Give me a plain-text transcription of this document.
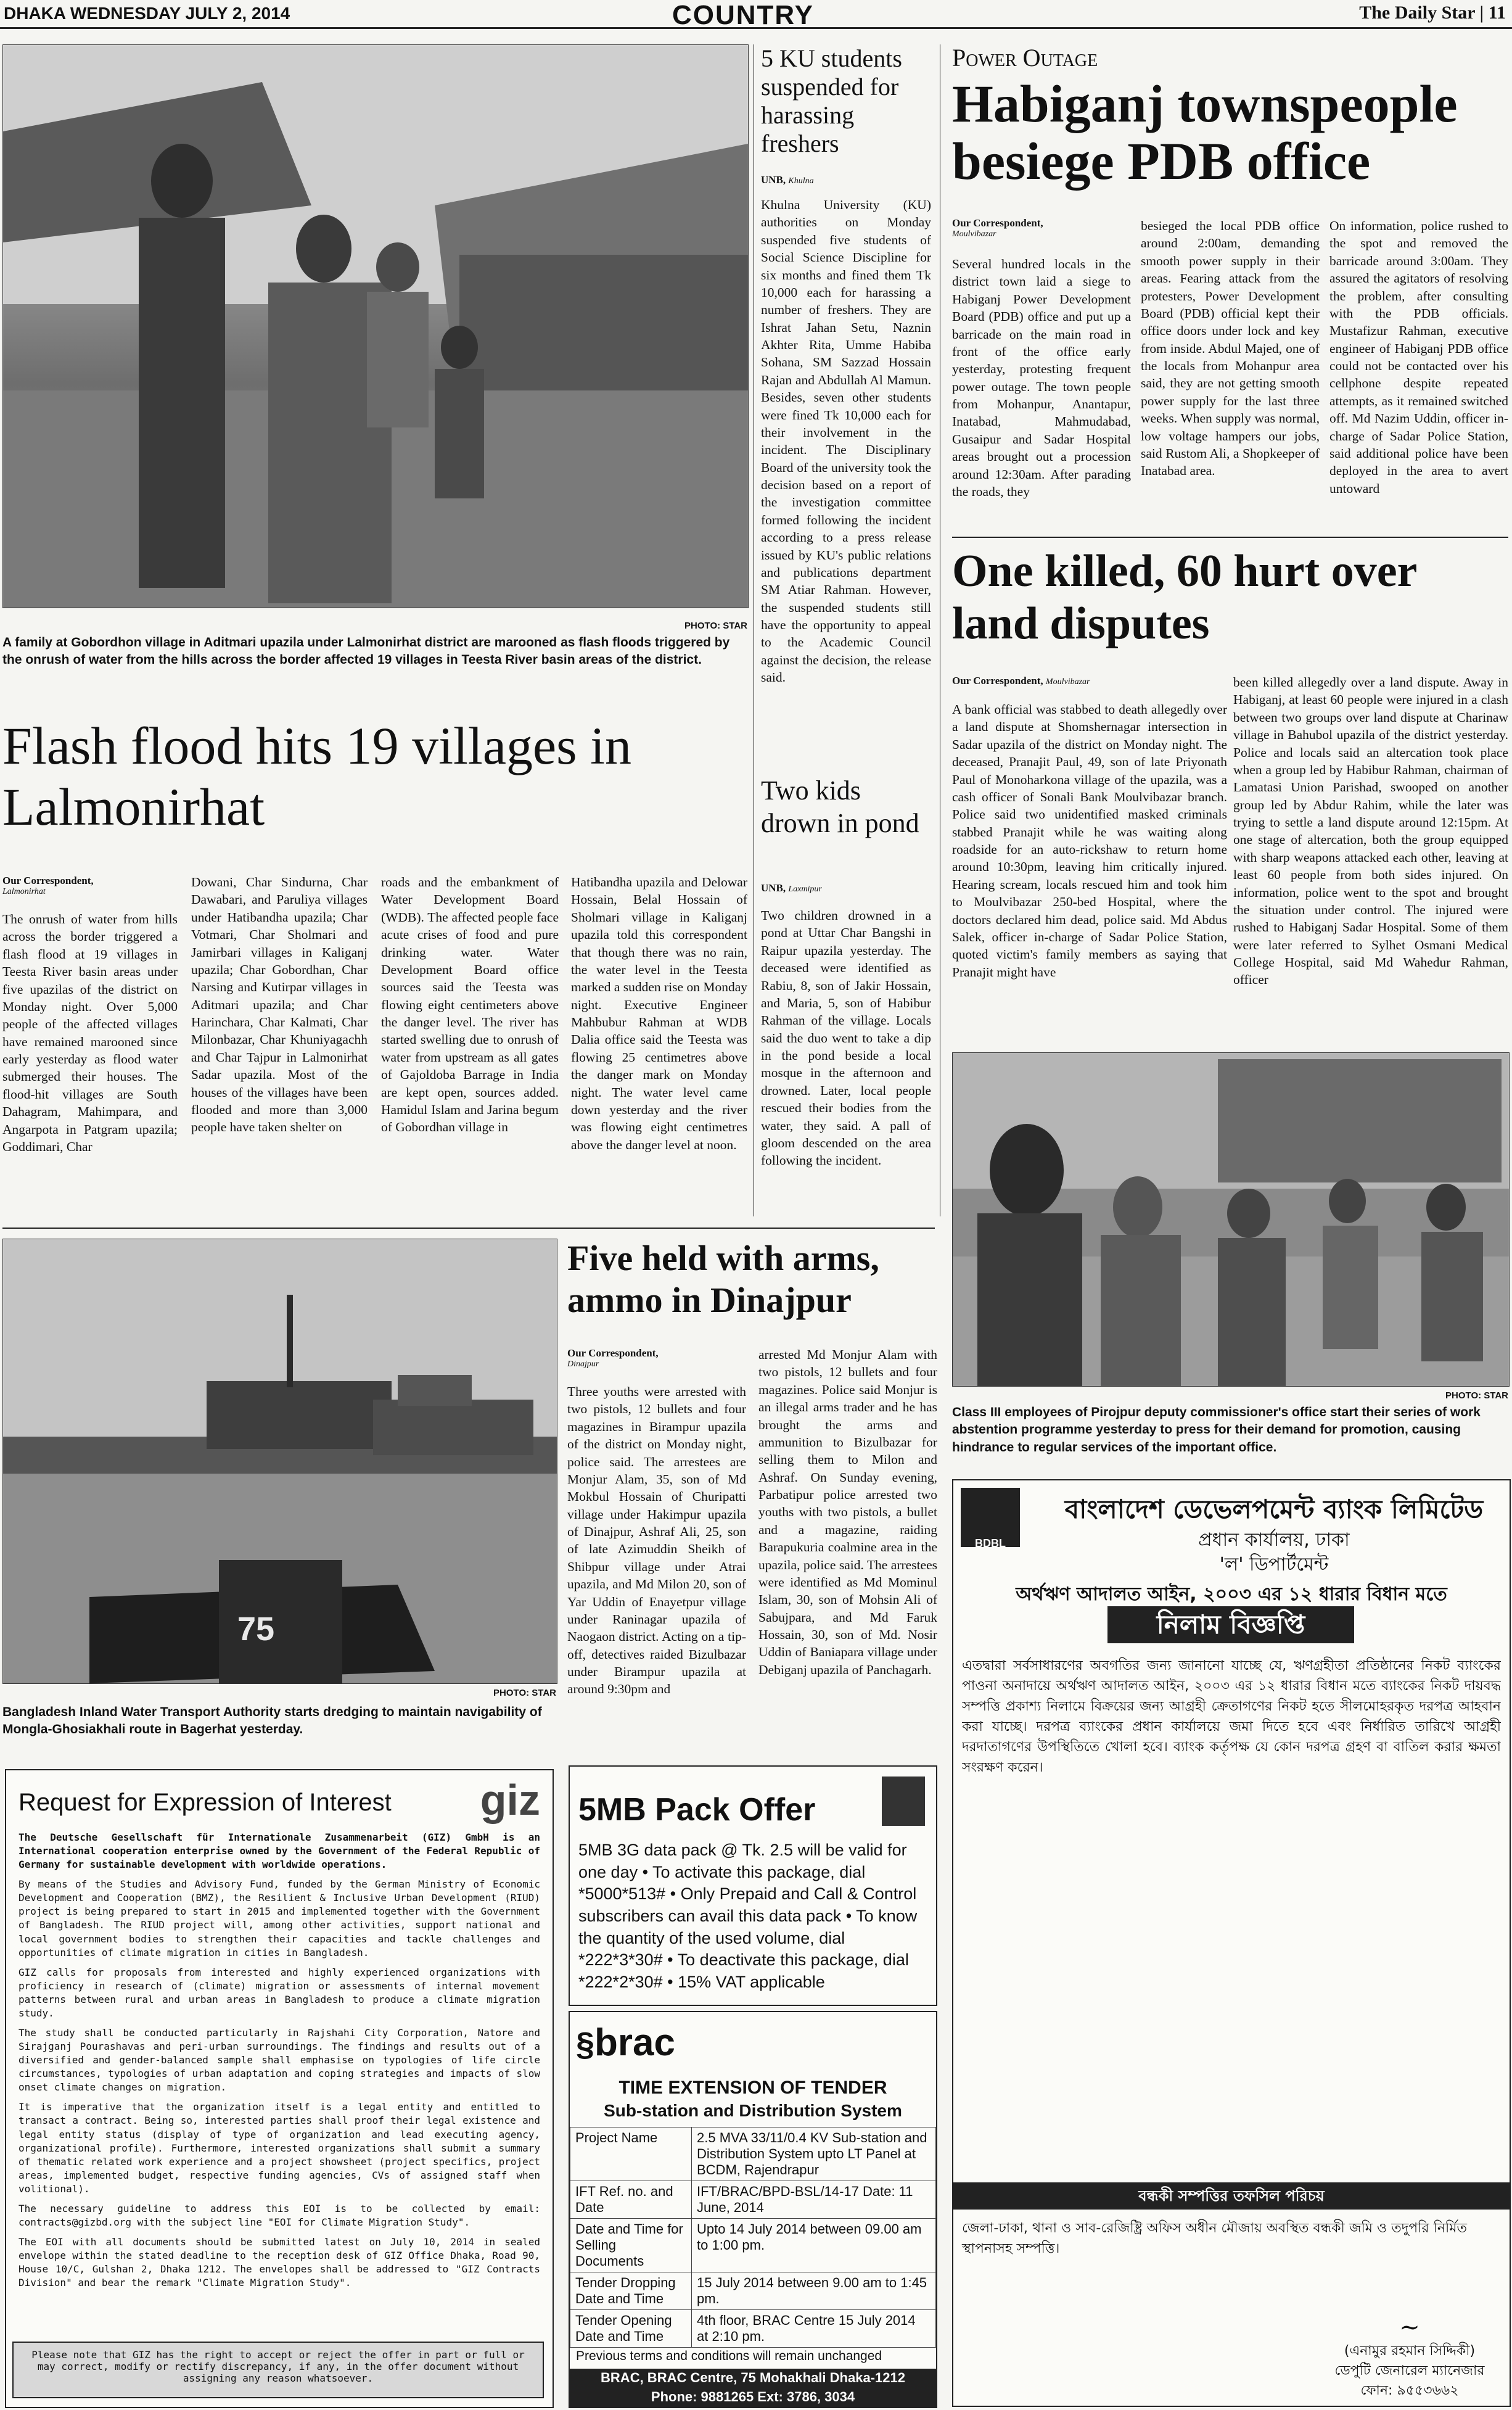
DHAKA WEDNESDAY JULY 2, 2014	COUNTRY	The Daily Star | 11
PHOTO: STAR
A family at Gobordhon village in Aditmari upazila under Lalmonirhat district are marooned as flash floods triggered by the onrush of water from the hills across the border affected 19 villages in Teesta River basin areas of the district.
Flash flood hits 19 villages in Lalmonirhat
Our Correspondent,
Lalmonirhat
The onrush of water from hills across the border triggered a flash flood at 19 villages in Teesta River basin areas under five upazilas of the district on Monday night. Over 5,000 people of the affected villages have remained marooned since early yesterday as flood water submerged their houses. The flood-hit villages are South Dahagram, Mahimpara, and Angarpota in Patgram upazila; Goddimari, Char
Dowani, Char Sindurna, Char Dawabari, and Paruliya villages under Hatibandha upazila; Char Votmari, Char Sholmari and Jamirbari villages in Kaliganj upazila; Char Gobordhan, Char Narsing and Kutirpar villages in Aditmari upazila; and Char Harinchara, Char Kalmati, Char Milonbazar, Char Khuniyagachh and Char Tajpur in Lalmonirhat Sadar upazila. Most of the houses of the villages have been flooded and more than 3,000 people have taken shelter on
roads and the embankment of Water Development Board (WDB). The affected people face acute crises of food and pure drinking water. Water Development Board office sources said the Teesta was flowing eight centimeters above the danger level. The river has started swelling due to onrush of water from upstream as all gates of Gajoldoba Barrage in India are kept open, sources added. Hamidul Islam and Jarina begum of Gobordhan village in
Hatibandha upazila and Delowar Hossain, Belal Hossain of Sholmari village in Kaliganj upazila told this correspondent that though there was no rain, the water level in the Teesta marked a sudden rise on Monday night. Executive Engineer Mahbubur Rahman at WDB Dalia office said the Teesta was flowing 25 centimetres above the danger mark on Monday night. The water level came down yesterday and the river was flowing eight centimetres above the danger level at noon.
5 KU students suspended for harassing freshers
UNB, Khulna
Khulna University (KU) authorities on Monday suspended five students of Social Science Discipline for six months and fined them Tk 10,000 each for harassing a number of freshers. They are Ishrat Jahan Setu, Naznin Akhter Rita, Umme Habiba Sohana, SM Sazzad Hossain Rajan and Abdullah Al Mamun. Besides, seven other students were fined Tk 10,000 each for their involvement in the incident. The Disciplinary Board of the university took the decision based on a report of the investigation committee formed following the incident according to a press release issued by KU's public relations and publications department SM Atiar Rahman. However, the suspended students still have the opportunity to appeal to the Academic Council against the decision, the release said.
Two kids drown in pond
UNB, Laxmipur
Two children drowned in a pond at Uttar Char Bangshi in Raipur upazila yesterday. The deceased were identified as Rabiu, 8, son of Jakir Hossain, and Maria, 5, son of Habibur Rahman of the village. Locals said the duo went to take a dip in the pond beside a local mosque in the afternoon and drowned. Later, local people rescued their bodies from the water, they said. A pall of gloom descended on the area following the incident.
Power Outage
Habiganj townspeople besiege PDB office
Our Correspondent,
Moulvibazar
Several hundred locals in the district town laid a siege to Habiganj Power Development Board (PDB) office and put up a barricade on the main road in front of the office early yesterday, protesting frequent power outage. The town people from Mohanpur, Anantapur, Inatabad, Mahmudabad, Gusaipur and Sadar Hospital areas brought out a procession around 12:30am. After parading the roads, they
besieged the local PDB office around 2:00am, demanding smooth power supply in their areas. Fearing attack from the protesters, Power Development Board (PDB) official kept their office doors under lock and key from inside. Abdul Majed, one of the locals from Mohanpur area said, they are not getting smooth power supply for the last three weeks. When supply was normal, low voltage hampers our jobs, said Rustom Ali, a Shopkeeper of Inatabad area.
On information, police rushed to the spot and removed the barricade around 3:00am. They assured the agitators of resolving the problem, after consulting with the PDB officials. Mustafizur Rahman, executive engineer of Habiganj PDB office could not be contacted over his cellphone despite repeated attempts, as it remained switched off. Md Nazim Uddin, officer in-charge of Sadar Police Station, said additional police have been deployed in the area to avert untoward
One killed, 60 hurt over land disputes
Our Correspondent, Moulvibazar
A bank official was stabbed to death allegedly over a land dispute at Shomshernagar intersection in Sadar upazila of the district on Monday night. The deceased, Pranajit Paul, 49, son of late Priyonath Paul of Monoharkona village of the upazila, was a cash officer of Sonali Bank Moulvibazar branch. Police said two unidentified masked criminals stabbed Pranajit while he was waiting along roadside for an auto-rickshaw to return home around 10:30pm, leaving him critically injured. Hearing scream, locals rescued him and took him to Moulvibazar 250-bed Hospital, where the doctors declared him dead, police said. Md Abdus Salek, officer in-charge of Sadar Police Station, quoted victim's family members as saying that Pranajit might have
been killed allegedly over a land dispute. Away in Habiganj, at least 60 people were injured in a clash between two groups over land dispute at Charinaw village in Bahubol upazila of the district yesterday. Police and locals said an altercation took place when a group led by Habibur Rahman, chairman of Lamatasi Union Parishad, swooped on another group led by Abdur Rahim, while the later was trying to settle a land dispute around 12:15pm. At one stage of altercation, both the group equipped with sharp weapons attacked each other, leaving at least 60 people from both sides injured. On information, police went to the spot and brought the situation under control. The injured were rushed to Habiganj Sadar Hospital. Some of them were later referred to Sylhet Osmani Medical College Hospital, said Md Wahedur Rahman, officer
PHOTO: STAR
Class III employees of Pirojpur deputy commissioner's office start their series of work abstention programme yesterday to press for their demand for promotion, causing hindrance to regular services of the important office.
75
PHOTO: STAR
Bangladesh Inland Water Transport Authority starts dredging to maintain navigability of Mongla-Ghosiakhali route in Bagerhat yesterday.
Five held with arms, ammo in Dinajpur
Our Correspondent,
Dinajpur
Three youths were arrested with two pistols, 12 bullets and four magazines in Birampur upazila of the district on Monday night, police said. The arrestees are Monjur Alam, 35, son of Md Mokbul Hossain of Churipatti village under Hakimpur upazila of Dinajpur, Ashraf Ali, 25, son of late Azimuddin Sheikh of Shibpur village under Atrai upazila, and Md Milon 20, son of Yar Uddin of Enayetpur village under Raninagar upazila of Naogaon district. Acting on a tip-off, detectives raided Bizulbazar under Birampur upazila at around 9:30pm and
arrested Md Monjur Alam with two pistols, 12 bullets and four magazines. Police said Monjur is an illegal arms trader and he has brought the arms and ammunition to Bizulbazar for selling them to Milon and Ashraf. On Sunday evening, Parbatipur police arrested two youths with two pistols, a bullet and a magazine, raiding Barapukuria coalmine area in the upazila, police said. The arrestees were identified as Md Mominul Islam, 30, son of Mohsin Ali of Sabujpara, and Md Faruk Hossain, 30, son of Md. Nosir Uddin of Baniapara village under Debiganj upazila of Panchagarh.
Request for Expression of Interest giz

The Deutsche Gesellschaft für Internationale Zusammenarbeit (GIZ) GmbH is an International cooperation enterprise owned by the Government of the Federal Republic of Germany for sustainable development with worldwide operations.

By means of the Studies and Advisory Fund, funded by the German Ministry of Economic Development and Cooperation (BMZ), the Resilient & Inclusive Urban Development (RIUD) project is being prepared to start in 2015 and implemented together with the Government of Bangladesh. The RIUD project will, among other activities, support national and local government bodies to strengthen their capacities and tackle challenges and opportunities of climate migration in cities in Bangladesh.

GIZ calls for proposals from interested and highly experienced organizations with proficiency in research of (climate) migration or assessments of internal movement patterns between rural and urban areas in Bangladesh to produce a climate migration study.

The study shall be conducted particularly in Rajshahi City Corporation, Natore and Sirajganj Pourashavas and peri-urban surroundings. The findings and results out of a diversified and gender-balanced sample shall emphasise on typologies of life circle circumstances, typologies of urban adaptation and coping strategies and impacts of slow onset climate changes on migration.

It is imperative that the organization itself is a legal entity and entitled to transact a contract. Being so, interested parties shall proof their legal existence and legal entity status (display of type of organization and lead executing agency, organizational profile). Furthermore, interested organizations shall submit a summary of thematic related work experience and a project showsheet (project specifics, project areas, implemented budget, respective funding agencies, CVs of assigned staff when volitional).

The necessary guideline to address this EOI is to be collected by email: contracts@gizbd.org with the subject line "EOI for Climate Migration Study".

The EOI with all documents should be submitted latest on July 10, 2014 in sealed envelope within the stated deadline to the reception desk of GIZ Office Dhaka, Road 90, House 10/C, Gulshan 2, Dhaka 1212. The envelopes shall be addressed to "GIZ Contracts Division" and bear the remark "Climate Migration Study".

Please note that GIZ has the right to accept or reject the offer in part or full or may correct, modify or rectify discrepancy, if any, in the offer document without assigning any reason whatsoever.
5MB Pack Offer
5MB 3G data pack @ Tk. 2.5 will be valid for one day • To activate this package, dial *5000*513# • Only Prepaid and Call & Control subscribers can avail this data pack • To know the quantity of the used volume, dial *222*3*30# • To deactivate this package, dial *222*2*30# • 15% VAT applicable
§brac
TIME EXTENSION OF TENDER
Sub-station and Distribution System
Project Name	2.5 MVA 33/11/0.4 KV Sub-station and Distribution System upto LT Panel at BCDM, Rajendrapur
IFT Ref. no. and Date	IFT/BRAC/BPD-BSL/14-17 Date: 11 June, 2014
Date and Time for Selling Documents	Upto 14 July 2014 between 09.00 am to 1:00 pm.
Tender Dropping Date and Time	15 July 2014 between 9.00 am to 1:45 pm.
Tender Opening Date and Time	4th floor, BRAC Centre 15 July 2014 at 2:10 pm.
Previous terms and conditions will remain unchanged
BRAC, BRAC Centre, 75 Mohakhali Dhaka-1212
Phone: 9881265 Ext: 3786, 3034
BDBL
বাংলাদেশ ডেভেলপমেন্ট ব্যাংক লিমিটেড
প্রধান কার্যালয়, ঢাকা
'ল' ডিপার্টমেন্ট
অর্থঋণ আদালত আইন, ২০০৩ এর ১২ ধারার বিধান মতে
নিলাম বিজ্ঞপ্তি
এতদ্বারা সর্বসাধারণের অবগতির জন্য জানানো যাচ্ছে যে, ঋণগ্রহীতা প্রতিষ্ঠানের নিকট ব্যাংকের পাওনা অনাদায়ে অর্থঋণ আদালত আইন, ২০০৩ এর ১২ ধারার বিধান মতে ব্যাংকের নিকট দায়বদ্ধ সম্পত্তি প্রকাশ্য নিলামে বিক্রয়ের জন্য আগ্রহী ক্রেতাগণের নিকট হতে সীলমোহরকৃত দরপত্র আহবান করা যাচ্ছে। দরপত্র ব্যাংকের প্রধান কার্যালয়ে জমা দিতে হবে এবং নির্ধারিত তারিখে আগ্রহী দরদাতাগণের উপস্থিতিতে খোলা হবে। ব্যাংক কর্তৃপক্ষ যে কোন দরপত্র গ্রহণ বা বাতিল করার ক্ষমতা সংরক্ষণ করেন।
বন্ধকী সম্পত্তির তফসিল পরিচয়
জেলা-ঢাকা, থানা ও সাব-রেজিষ্ট্রি অফিস অধীন মৌজায় অবস্থিত বন্ধকী জমি ও তদুপরি নির্মিত স্থাপনাসহ সম্পত্তি।
~
(এনামুর রহমান সিদ্দিকী)
ডেপুটি জেনারেল ম্যানেজার
ফোন: ৯৫৫৩৬৬২
